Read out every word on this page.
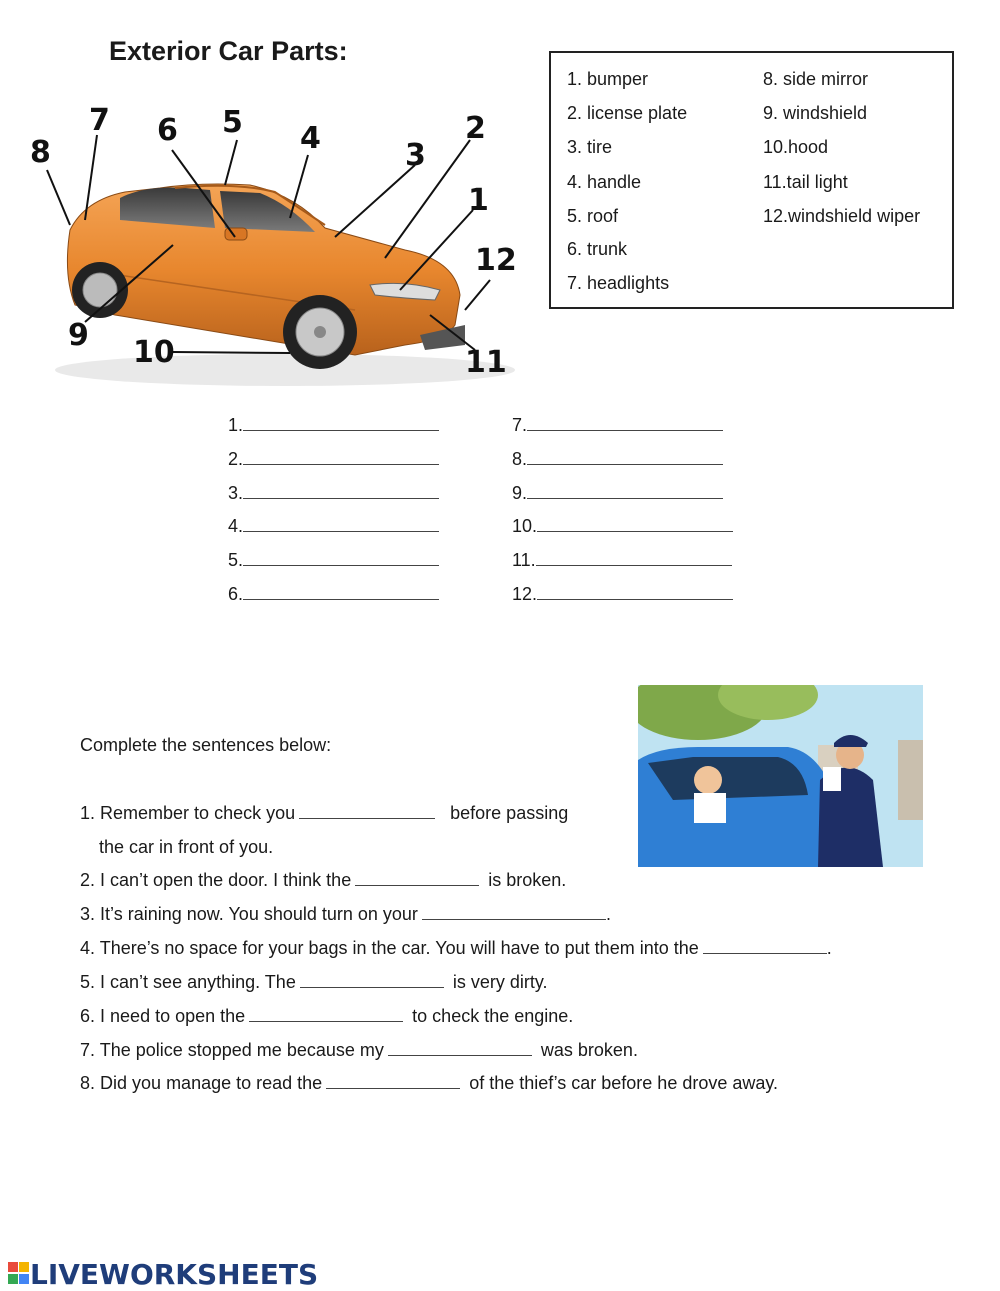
Exterior Car Parts:
1. bumper
2. license plate
3. tire
4. handle
5. roof
6. trunk
7. headlights
8. side mirror
9. windshield
10.hood
11.tail light
12.windshield wiper
8
7 6 5 4	3
2
1
12
9 10	11
1.
2.
3.
4.
5.
6.
7.
8.
9.
10.
11.
12.
Complete the sentences below:
1. Remember to check you	before passing
the car in front of you.
2. I can’t open the door. I think the	is broken.
3. It’s raining now. You should turn on your	.
4. There’s no space for your bags in the car. You will have to put them into the	.
5. I can’t see anything. The	is very dirty.
6. I need to open the	to check the engine.
7. The police stopped me because my	was broken.
8. Did you manage to read the	of the thief’s car before he drove away.
LIVEWORKSHEETS
